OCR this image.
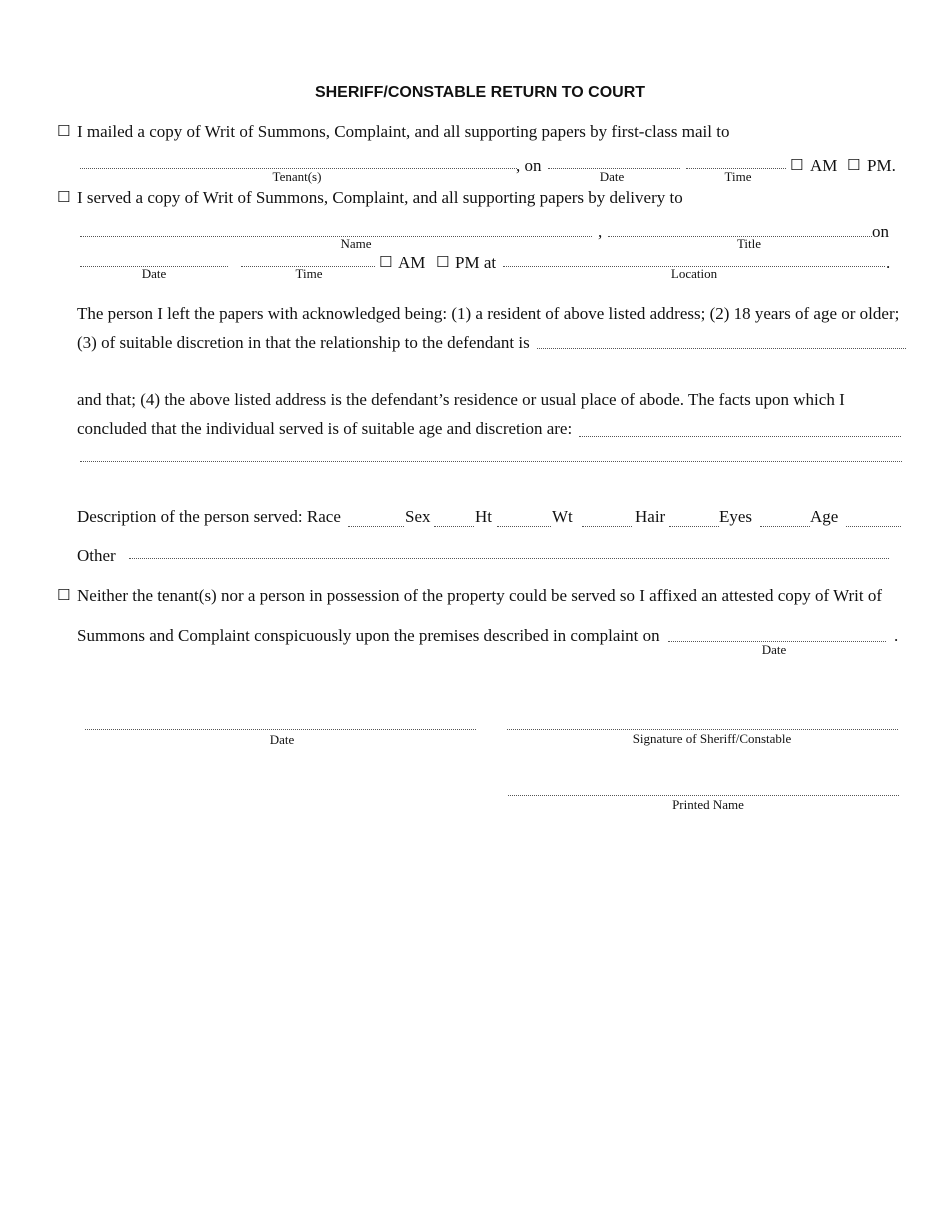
SHERIFF/CONSTABLE RETURN TO COURT
☐ I mailed a copy of Writ of Summons, Complaint, and all supporting papers by first-class mail to
, on	☐ AM ☐ PM.
Tenant(s)	Date	Time
☐ I served a copy of Writ of Summons, Complaint, and all supporting papers by delivery to
,	on
Name	Title
☐ AM ☐ PM at	.
Date	Time	Location
The person I left the papers with acknowledged being: (1) a resident of above listed address; (2) 18 years of age or older;
(3) of suitable discretion in that the relationship to the defendant is
and that; (4) the above listed address is the defendant’s residence or usual place of abode. The facts upon which I
concluded that the individual served is of suitable age and discretion are:
Description of the person served: Race	Sex	Ht	Wt	Hair	Eyes	Age
Other
☐ Neither the tenant(s) nor a person in possession of the property could be served so I affixed an attested copy of Writ of
Summons and Complaint conspicuously upon the premises described in complaint on	.
Date
Date	Signature of Sheriff/Constable
Printed Name
